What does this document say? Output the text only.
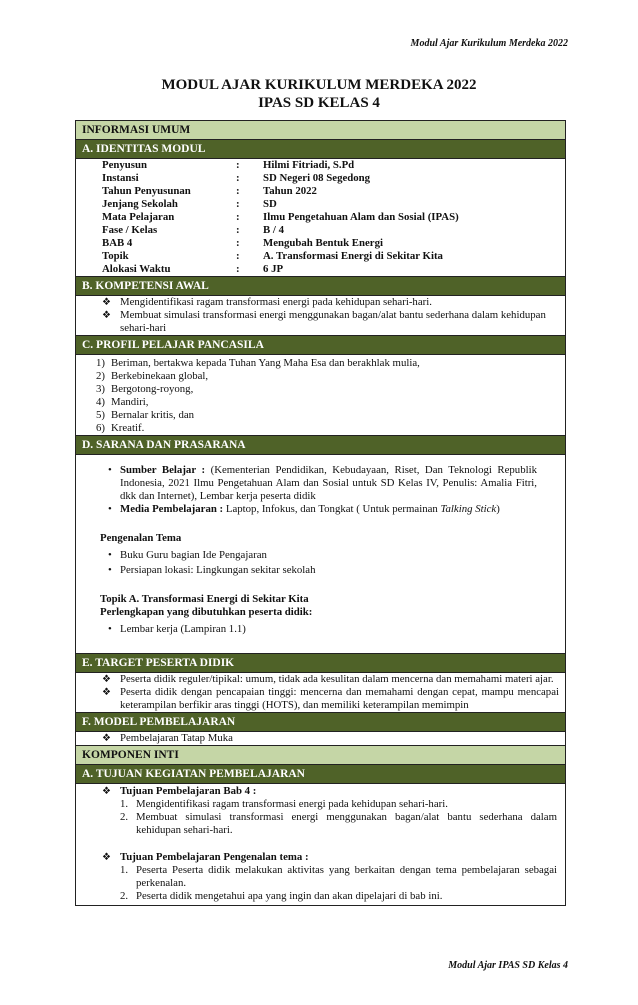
Modul Ajar Kurikulum Merdeka 2022
MODUL AJAR KURIKULUM MERDEKA 2022
IPAS SD KELAS 4
INFORMASI UMUM
A. IDENTITAS MODUL
Penyusun	:	Hilmi Fitriadi, S.Pd
Instansi	:	SD Negeri 08 Segedong
Tahun Penyusunan	:	Tahun 2022
Jenjang Sekolah	:	SD
Mata Pelajaran	:	Ilmu Pengetahuan Alam dan Sosial (IPAS)
Fase / Kelas	:	B / 4
BAB 4	:	Mengubah Bentuk Energi
Topik	:	A. Transformasi Energi di Sekitar Kita
Alokasi Waktu	:	6 JP
B. KOMPETENSI AWAL
❖ Mengidentifikasi ragam transformasi energi pada kehidupan sehari-hari.
❖ Membuat simulasi transformasi energi menggunakan bagan/alat bantu sederhana dalam kehidupan sehari-hari
C. PROFIL PELAJAR PANCASILA
1) Beriman, bertakwa kepada Tuhan Yang Maha Esa dan berakhlak mulia,
2) Berkebinekaan global,
3) Bergotong-royong,
4) Mandiri,
5) Bernalar kritis, dan
6) Kreatif.
D. SARANA DAN PRASARANA
• Sumber Belajar : (Kementerian Pendidikan, Kebudayaan, Riset, Dan Teknologi Republik Indonesia, 2021 Ilmu Pengetahuan Alam dan Sosial untuk SD Kelas IV, Penulis: Amalia Fitri, dkk dan Internet), Lembar kerja peserta didik
• Media Pembelajaran : Laptop, Infokus, dan Tongkat ( Untuk permainan Talking Stick)
Pengenalan Tema
• Buku Guru bagian Ide Pengajaran
• Persiapan lokasi: Lingkungan sekitar sekolah
Topik A. Transformasi Energi di Sekitar Kita
Perlengkapan yang dibutuhkan peserta didik:
• Lembar kerja (Lampiran 1.1)
E. TARGET PESERTA DIDIK
❖ Peserta didik reguler/tipikal: umum, tidak ada kesulitan dalam mencerna dan memahami materi ajar.
❖ Peserta didik dengan pencapaian tinggi: mencerna dan memahami dengan cepat, mampu mencapai keterampilan berfikir aras tinggi (HOTS), dan memiliki keterampilan memimpin
F. MODEL PEMBELAJARAN
❖ Pembelajaran Tatap Muka
KOMPONEN INTI
A. TUJUAN KEGIATAN PEMBELAJARAN
❖ Tujuan Pembelajaran Bab 4 :
1. Mengidentifikasi ragam transformasi energi pada kehidupan sehari-hari.
2. Membuat simulasi transformasi energi menggunakan bagan/alat bantu sederhana dalam kehidupan sehari-hari.
❖ Tujuan Pembelajaran Pengenalan tema :
1. Peserta Peserta didik melakukan aktivitas yang berkaitan dengan tema pembelajaran sebagai perkenalan.
2. Peserta didik mengetahui apa yang ingin dan akan dipelajari di bab ini.
Modul Ajar IPAS SD Kelas 4
